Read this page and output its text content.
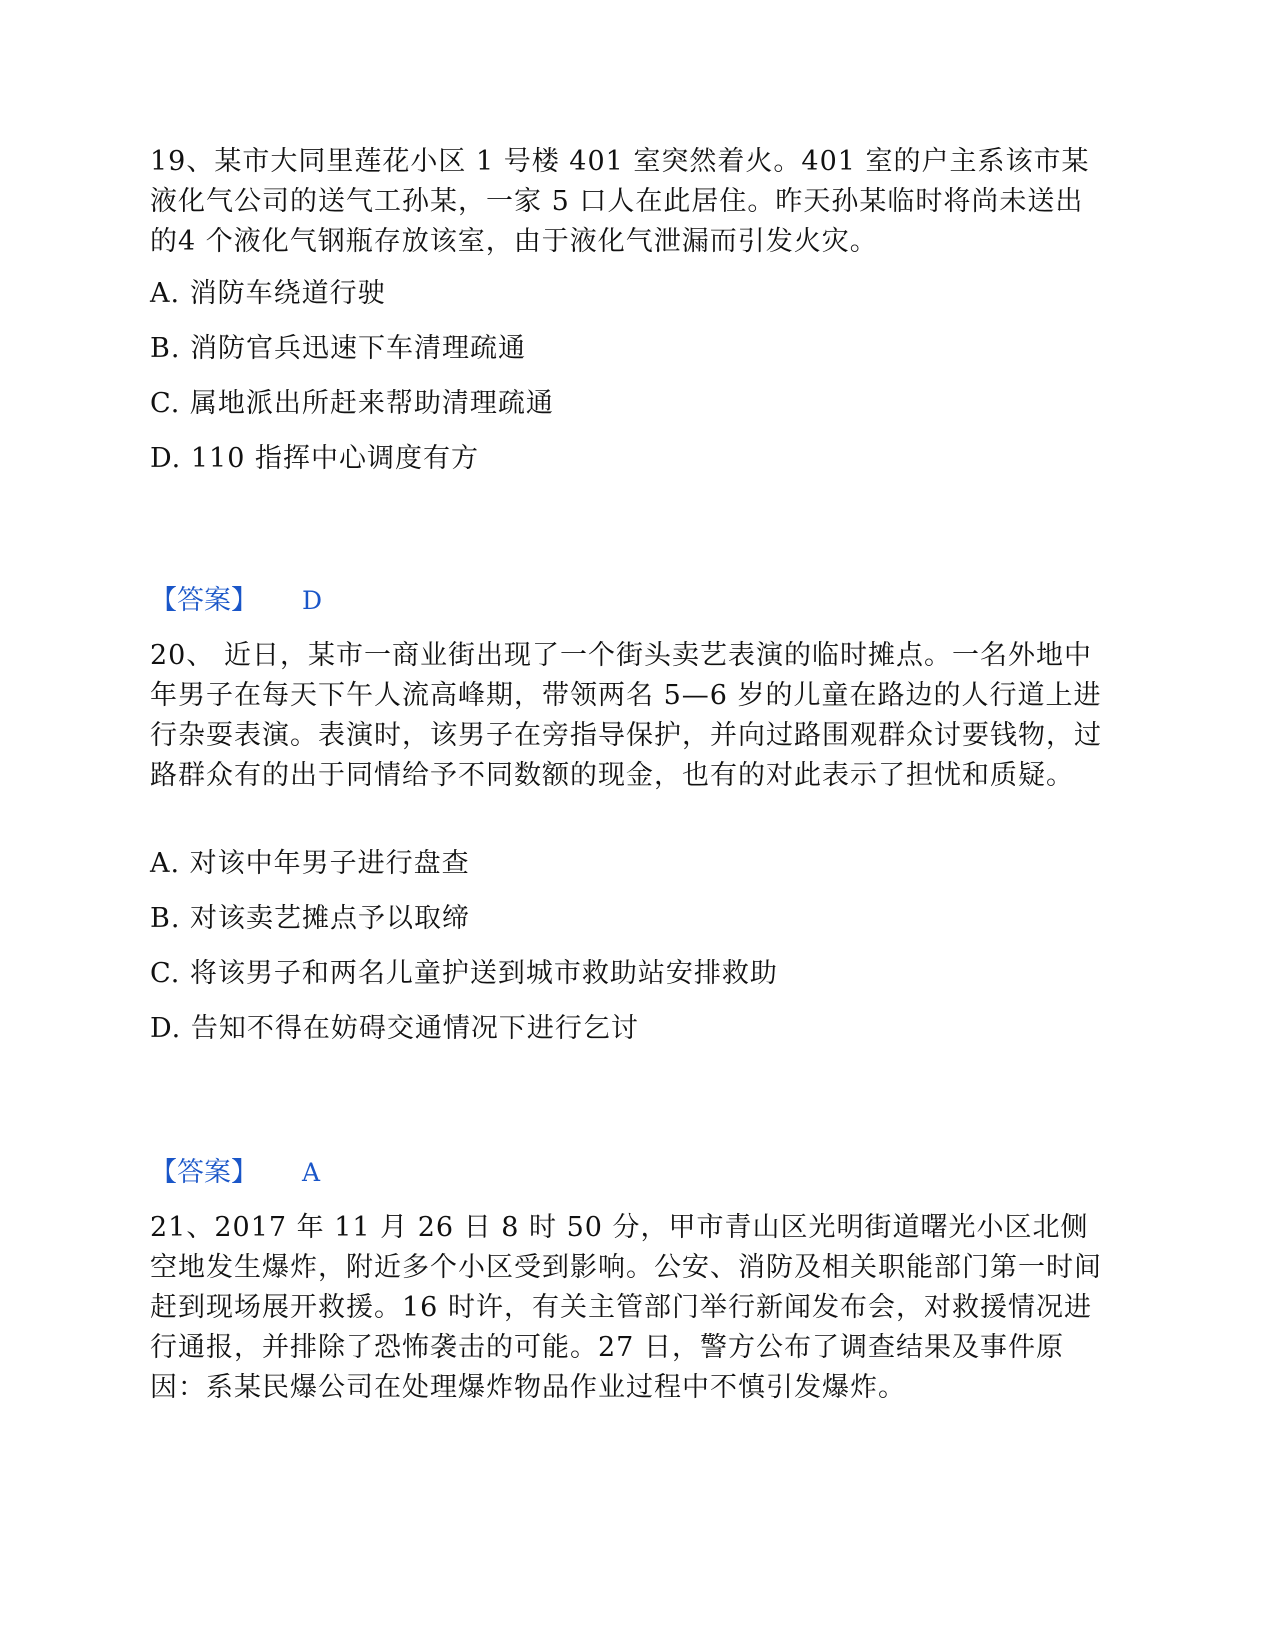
19、某市大同里莲花小区 1 号楼 401 室突然着火。401 室的户主系该市某液化气公司的送气工孙某，一家 5 口人在此居住。昨天孙某临时将尚未送出的4 个液化气钢瓶存放该室，由于液化气泄漏而引发火灾。
A. 消防车绕道行驶
B. 消防官兵迅速下车清理疏通
C. 属地派出所赶来帮助清理疏通
D. 110 指挥中心调度有方
【答案】 D
20、 近日，某市一商业街出现了一个街头卖艺表演的临时摊点。一名外地中年男子在每天下午人流高峰期，带领两名 5—6 岁的儿童在路边的人行道上进行杂耍表演。表演时，该男子在旁指导保护，并向过路围观群众讨要钱物，过路群众有的出于同情给予不同数额的现金，也有的对此表示了担忧和质疑。
A. 对该中年男子进行盘查
B. 对该卖艺摊点予以取缔
C. 将该男子和两名儿童护送到城市救助站安排救助
D. 告知不得在妨碍交通情况下进行乞讨
【答案】 A
21、2017 年 11 月 26 日 8 时 50 分，甲市青山区光明街道曙光小区北侧空地发生爆炸，附近多个小区受到影响。公安、消防及相关职能部门第一时间赶到现场展开救援。16 时许，有关主管部门举行新闻发布会，对救援情况进行通报，并排除了恐怖袭击的可能。27 日，警方公布了调查结果及事件原因：系某民爆公司在处理爆炸物品作业过程中不慎引发爆炸。
